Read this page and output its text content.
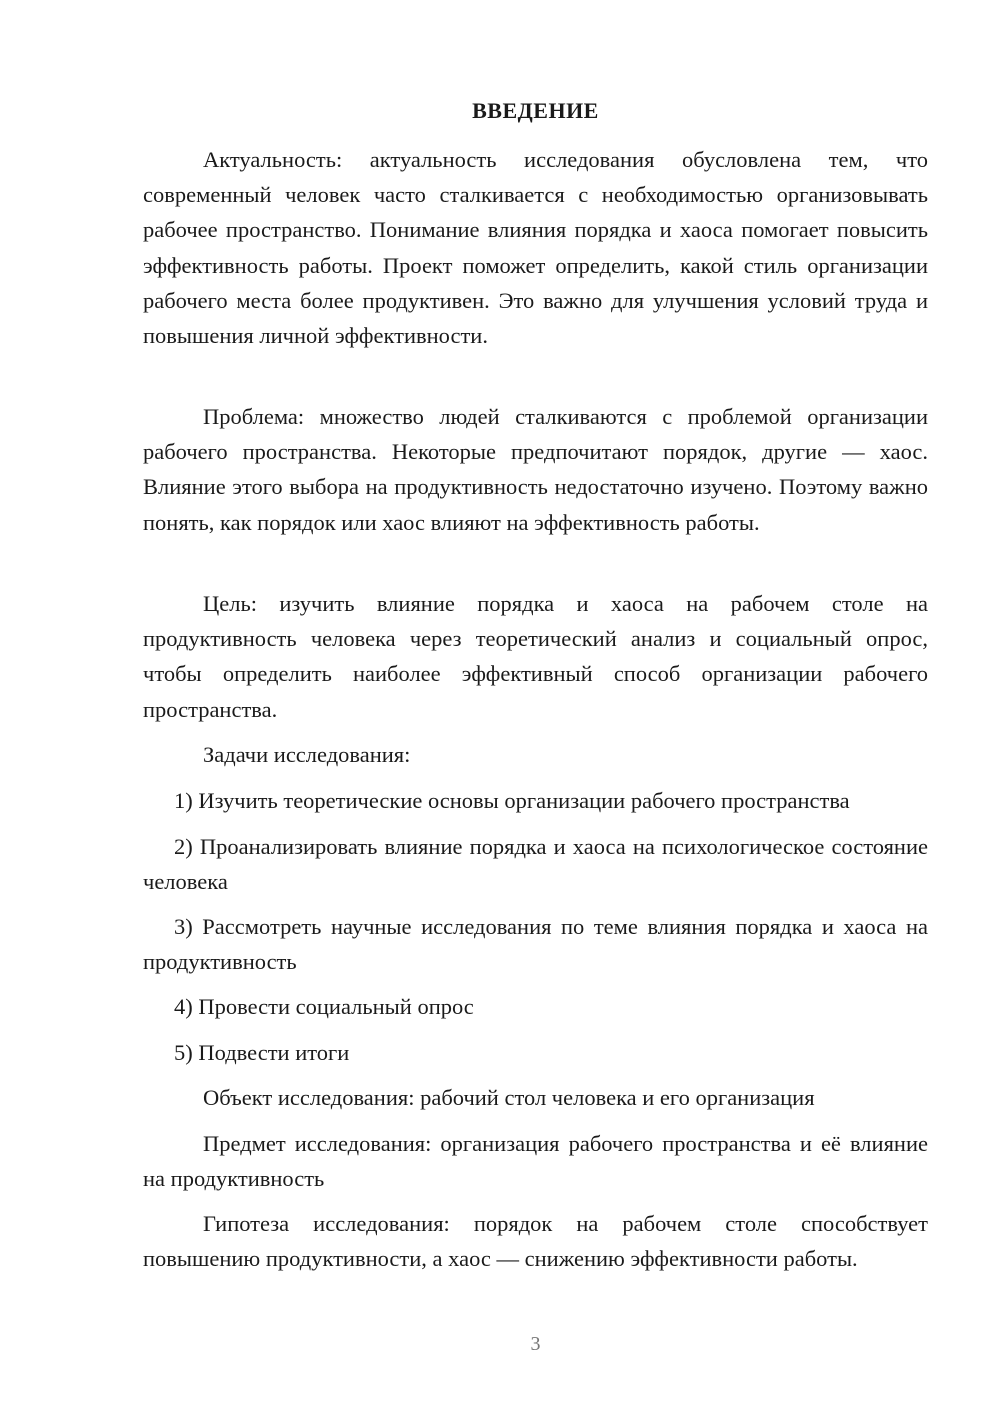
ВВЕДЕНИЕ

Актуальность: актуальность исследования обусловлена тем, что современный человек часто сталкивается с необходимостью организовывать рабочее пространство. Понимание влияния порядка и хаоса помогает повысить эффективность работы. Проект поможет определить, какой стиль организации рабочего места более продуктивен. Это важно для улучшения условий труда и повышения личной эффективности.

Проблема: множество людей сталкиваются с проблемой организации рабочего пространства. Некоторые предпочитают порядок, другие — хаос. Влияние этого выбора на продуктивность недостаточно изучено. Поэтому важно понять, как порядок или хаос влияют на эффективность работы.

Цель: изучить влияние порядка и хаоса на рабочем столе на продуктивность человека через теоретический анализ и социальный опрос, чтобы определить наиболее эффективный способ организации рабочего пространства.

Задачи исследования:

1) Изучить теоретические основы организации рабочего пространства

2) Проанализировать влияние порядка и хаоса на психологическое состояние человека

3) Рассмотреть научные исследования по теме влияния порядка и хаоса на продуктивность

4) Провести социальный опрос

5) Подвести итоги

Объект исследования: рабочий стол человека и его организация

Предмет исследования: организация рабочего пространства и её влияние на продуктивность

Гипотеза исследования: порядок на рабочем столе способствует повышению продуктивности, а хаос — снижению эффективности работы.

3
